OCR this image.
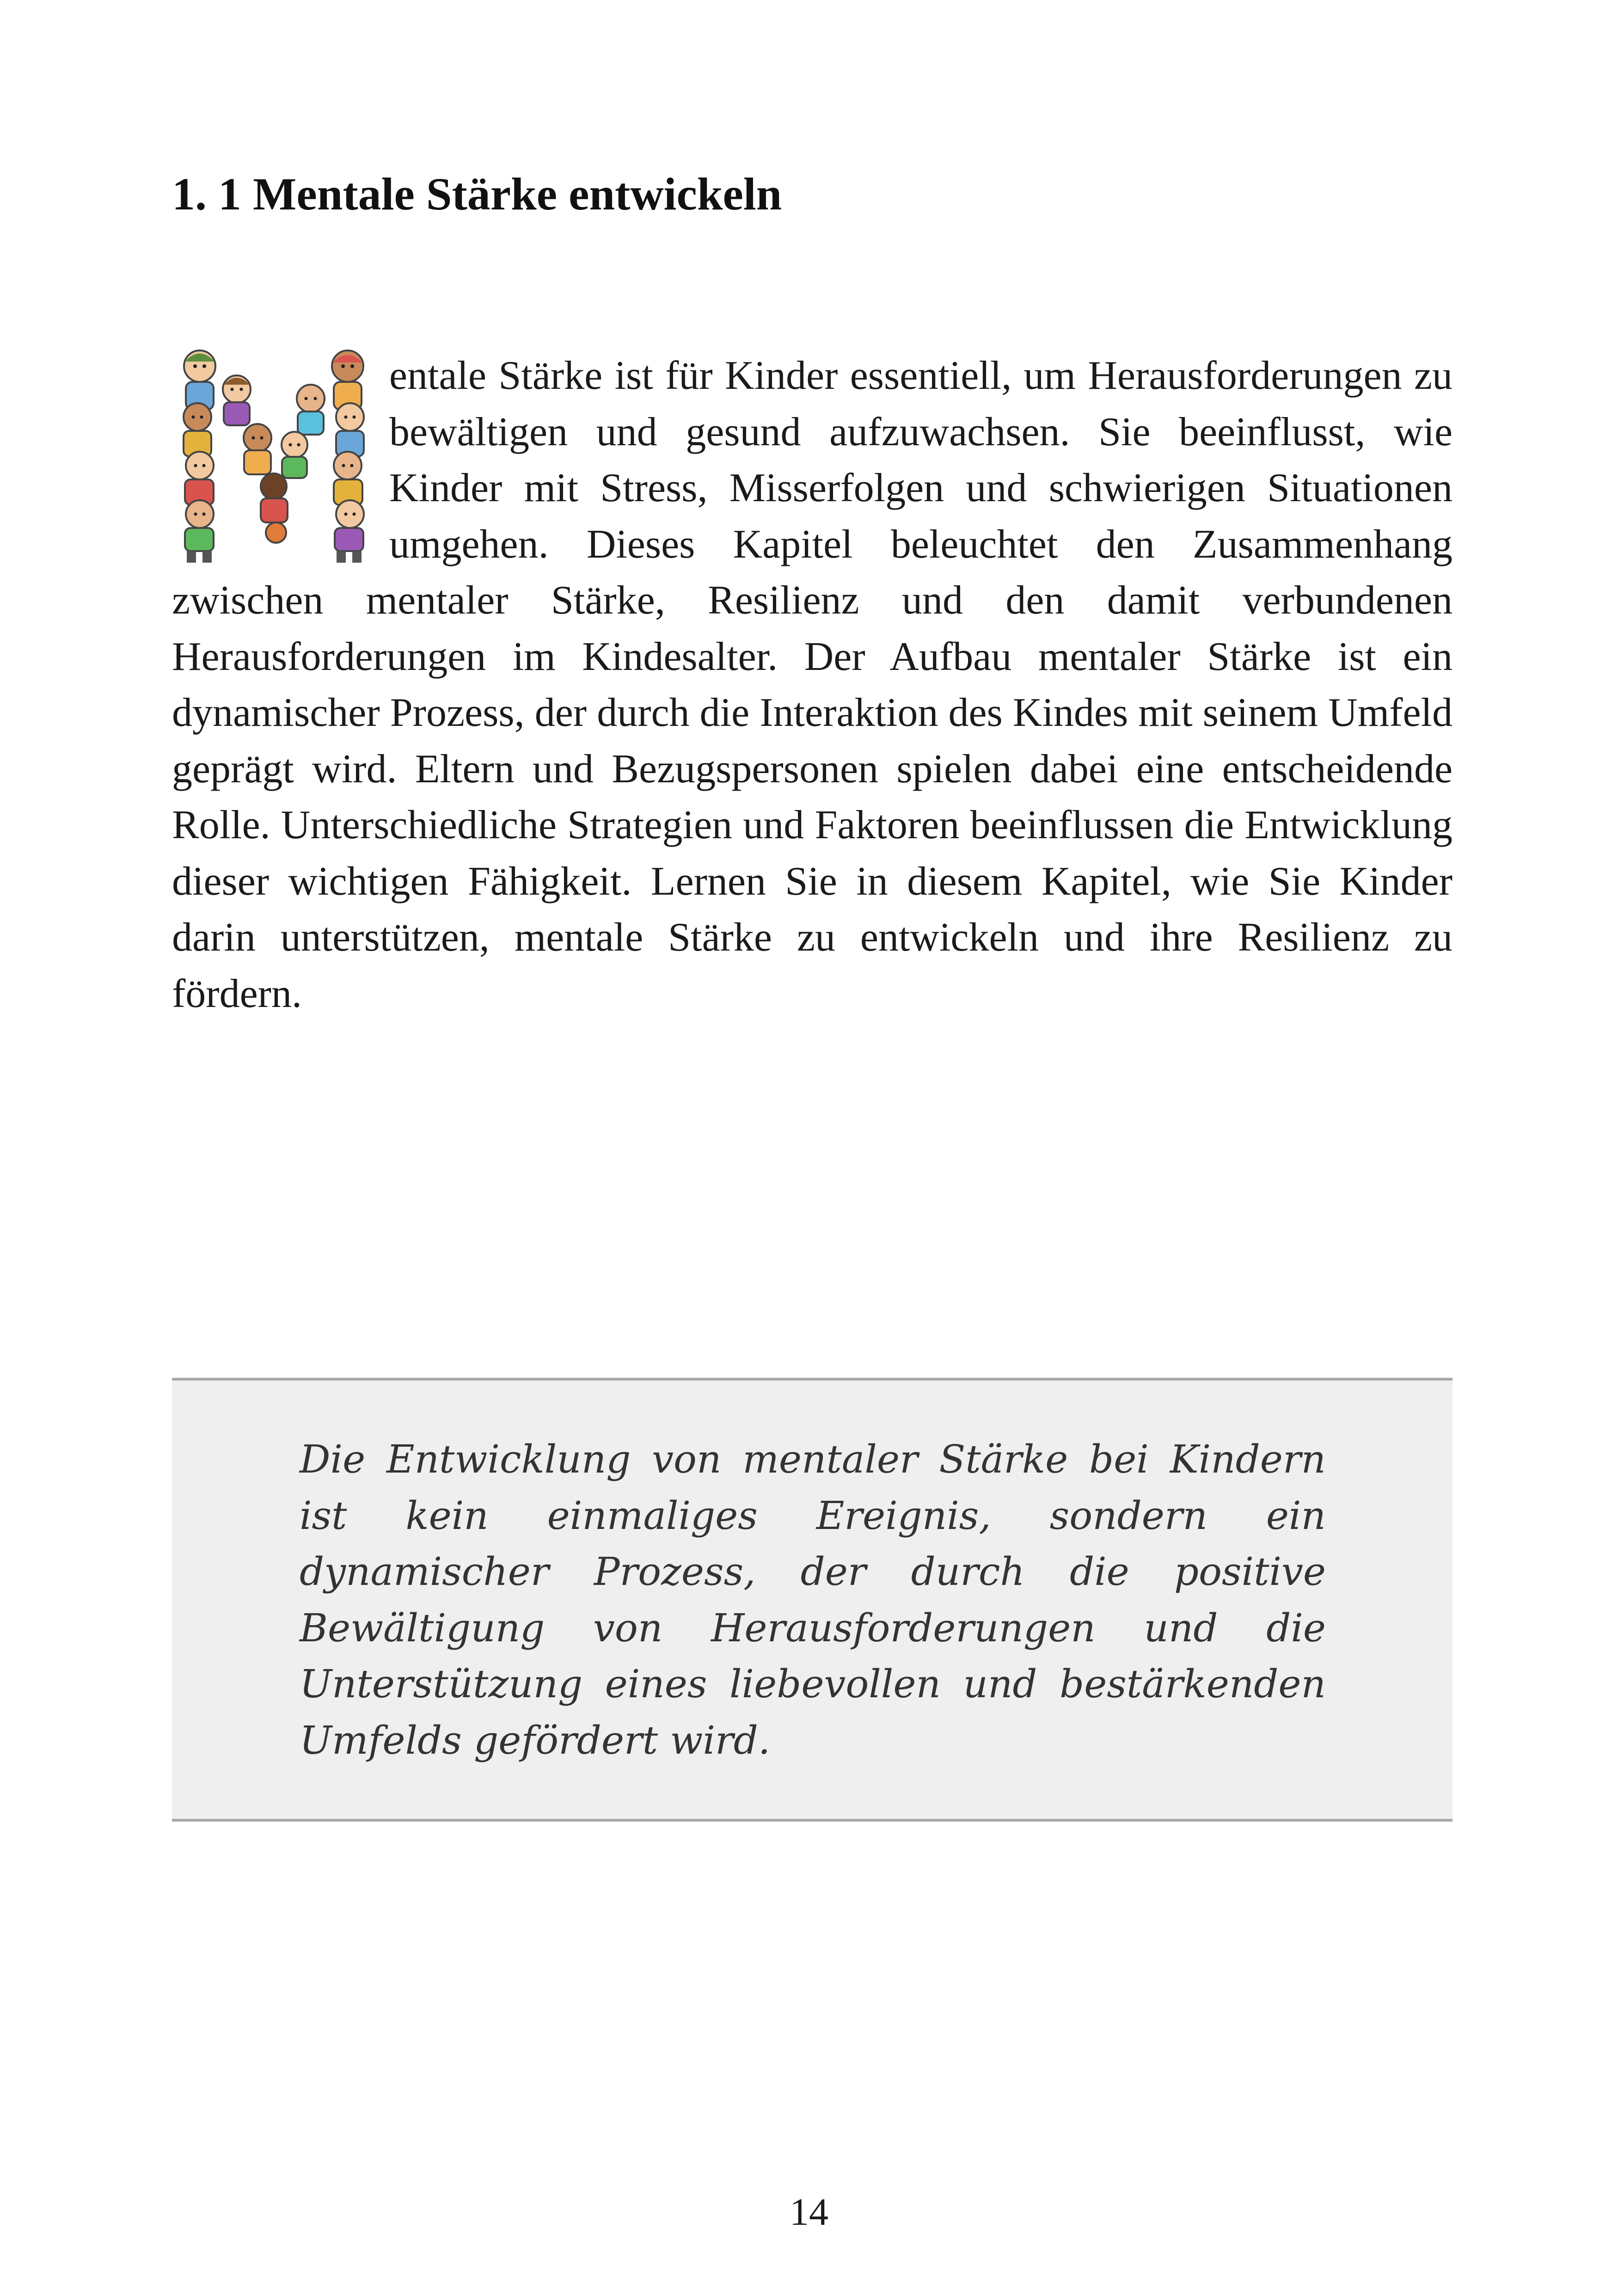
1. 1 Mentale Stärke entwickeln

entale Stärke ist für Kinder essentiell, um Herausforderungen zu bewältigen und gesund aufzuwachsen. Sie beeinflusst, wie Kinder mit Stress, Misserfolgen und schwierigen Situationen umgehen. Dieses Kapitel beleuchtet den Zusammenhang zwischen mentaler Stärke, Resilienz und den damit verbundenen Herausforderungen im Kindesalter. Der Aufbau mentaler Stärke ist ein dynamischer Prozess, der durch die Interaktion des Kindes mit seinem Umfeld geprägt wird. Eltern und Bezugspersonen spielen dabei eine entscheidende Rolle. Unterschiedliche Strategien und Faktoren beeinflussen die Entwicklung dieser wichtigen Fähigkeit. Lernen Sie in diesem Kapitel, wie Sie Kinder darin unterstützen, mentale Stärke zu entwickeln und ihre Resilienz zu fördern.

Die Entwicklung von mentaler Stärke bei Kindern ist kein einmaliges Ereignis, sondern ein dynamischer Prozess, der durch die positive Bewältigung von Herausforderungen und die Unterstützung eines liebevollen und bestärkenden Umfelds gefördert wird.

14
